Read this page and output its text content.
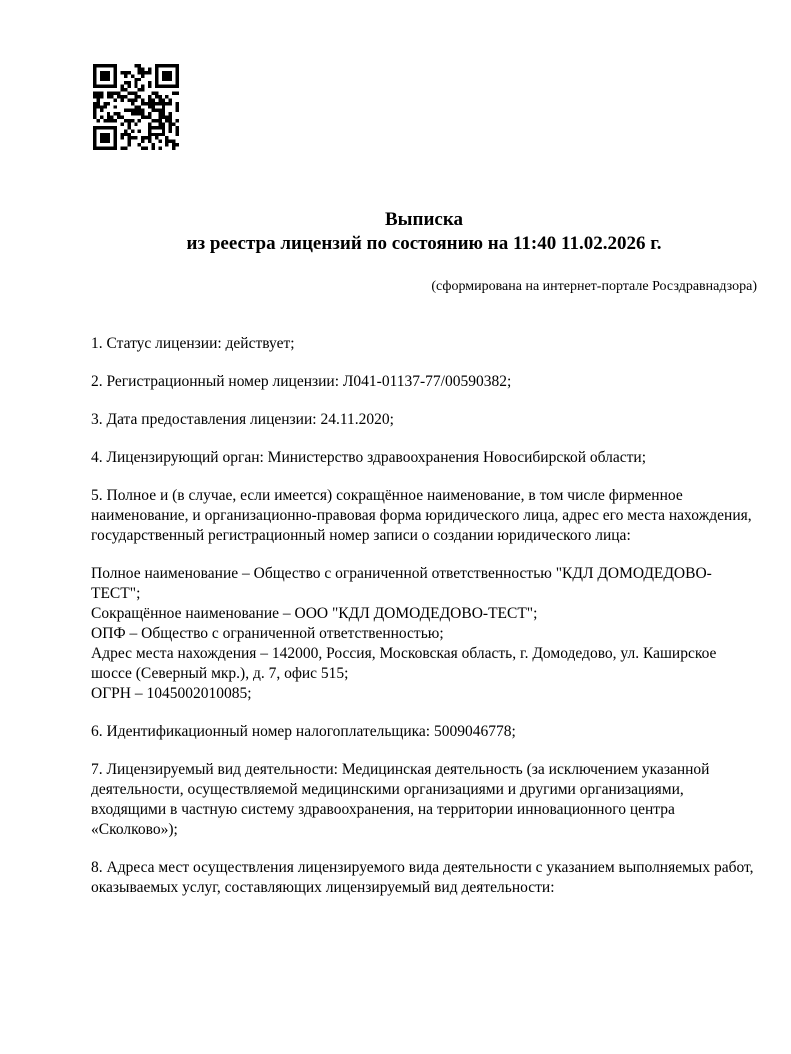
Выписка
из реестра лицензий по состоянию на 11:40 11.02.2026 г.
(сформирована на интернет-портале Росздравнадзора)

1. Статус лицензии: действует;

2. Регистрационный номер лицензии: Л041-01137-77/00590382;

3. Дата предоставления лицензии: 24.11.2020;

4. Лицензирующий орган: Министерство здравоохранения Новосибирской области;

5. Полное и (в случае, если имеется) сокращённое наименование, в том числе фирменное наименование, и организационно-правовая форма юридического лица, адрес его места нахождения, государственный регистрационный номер записи о создании юридического лица:

Полное наименование – Общество с ограниченной ответственностью "КДЛ ДОМОДЕДОВО-ТЕСТ";

Сокращённое наименование – ООО "КДЛ ДОМОДЕДОВО-ТЕСТ";

ОПФ – Общество с ограниченной ответственностью;

Адрес места нахождения – 142000, Россия, Московская область, г. Домодедово, ул. Каширское шоссе (Северный мкр.), д. 7, офис 515;

ОГРН – 1045002010085;

6. Идентификационный номер налогоплательщика: 5009046778;

7. Лицензируемый вид деятельности: Медицинская деятельность (за исключением указанной деятельности, осуществляемой медицинскими организациями и другими организациями, входящими в частную систему здравоохранения, на территории инновационного центра «Сколково»);

8. Адреса мест осуществления лицензируемого вида деятельности с указанием выполняемых работ, оказываемых услуг, составляющих лицензируемый вид деятельности:
